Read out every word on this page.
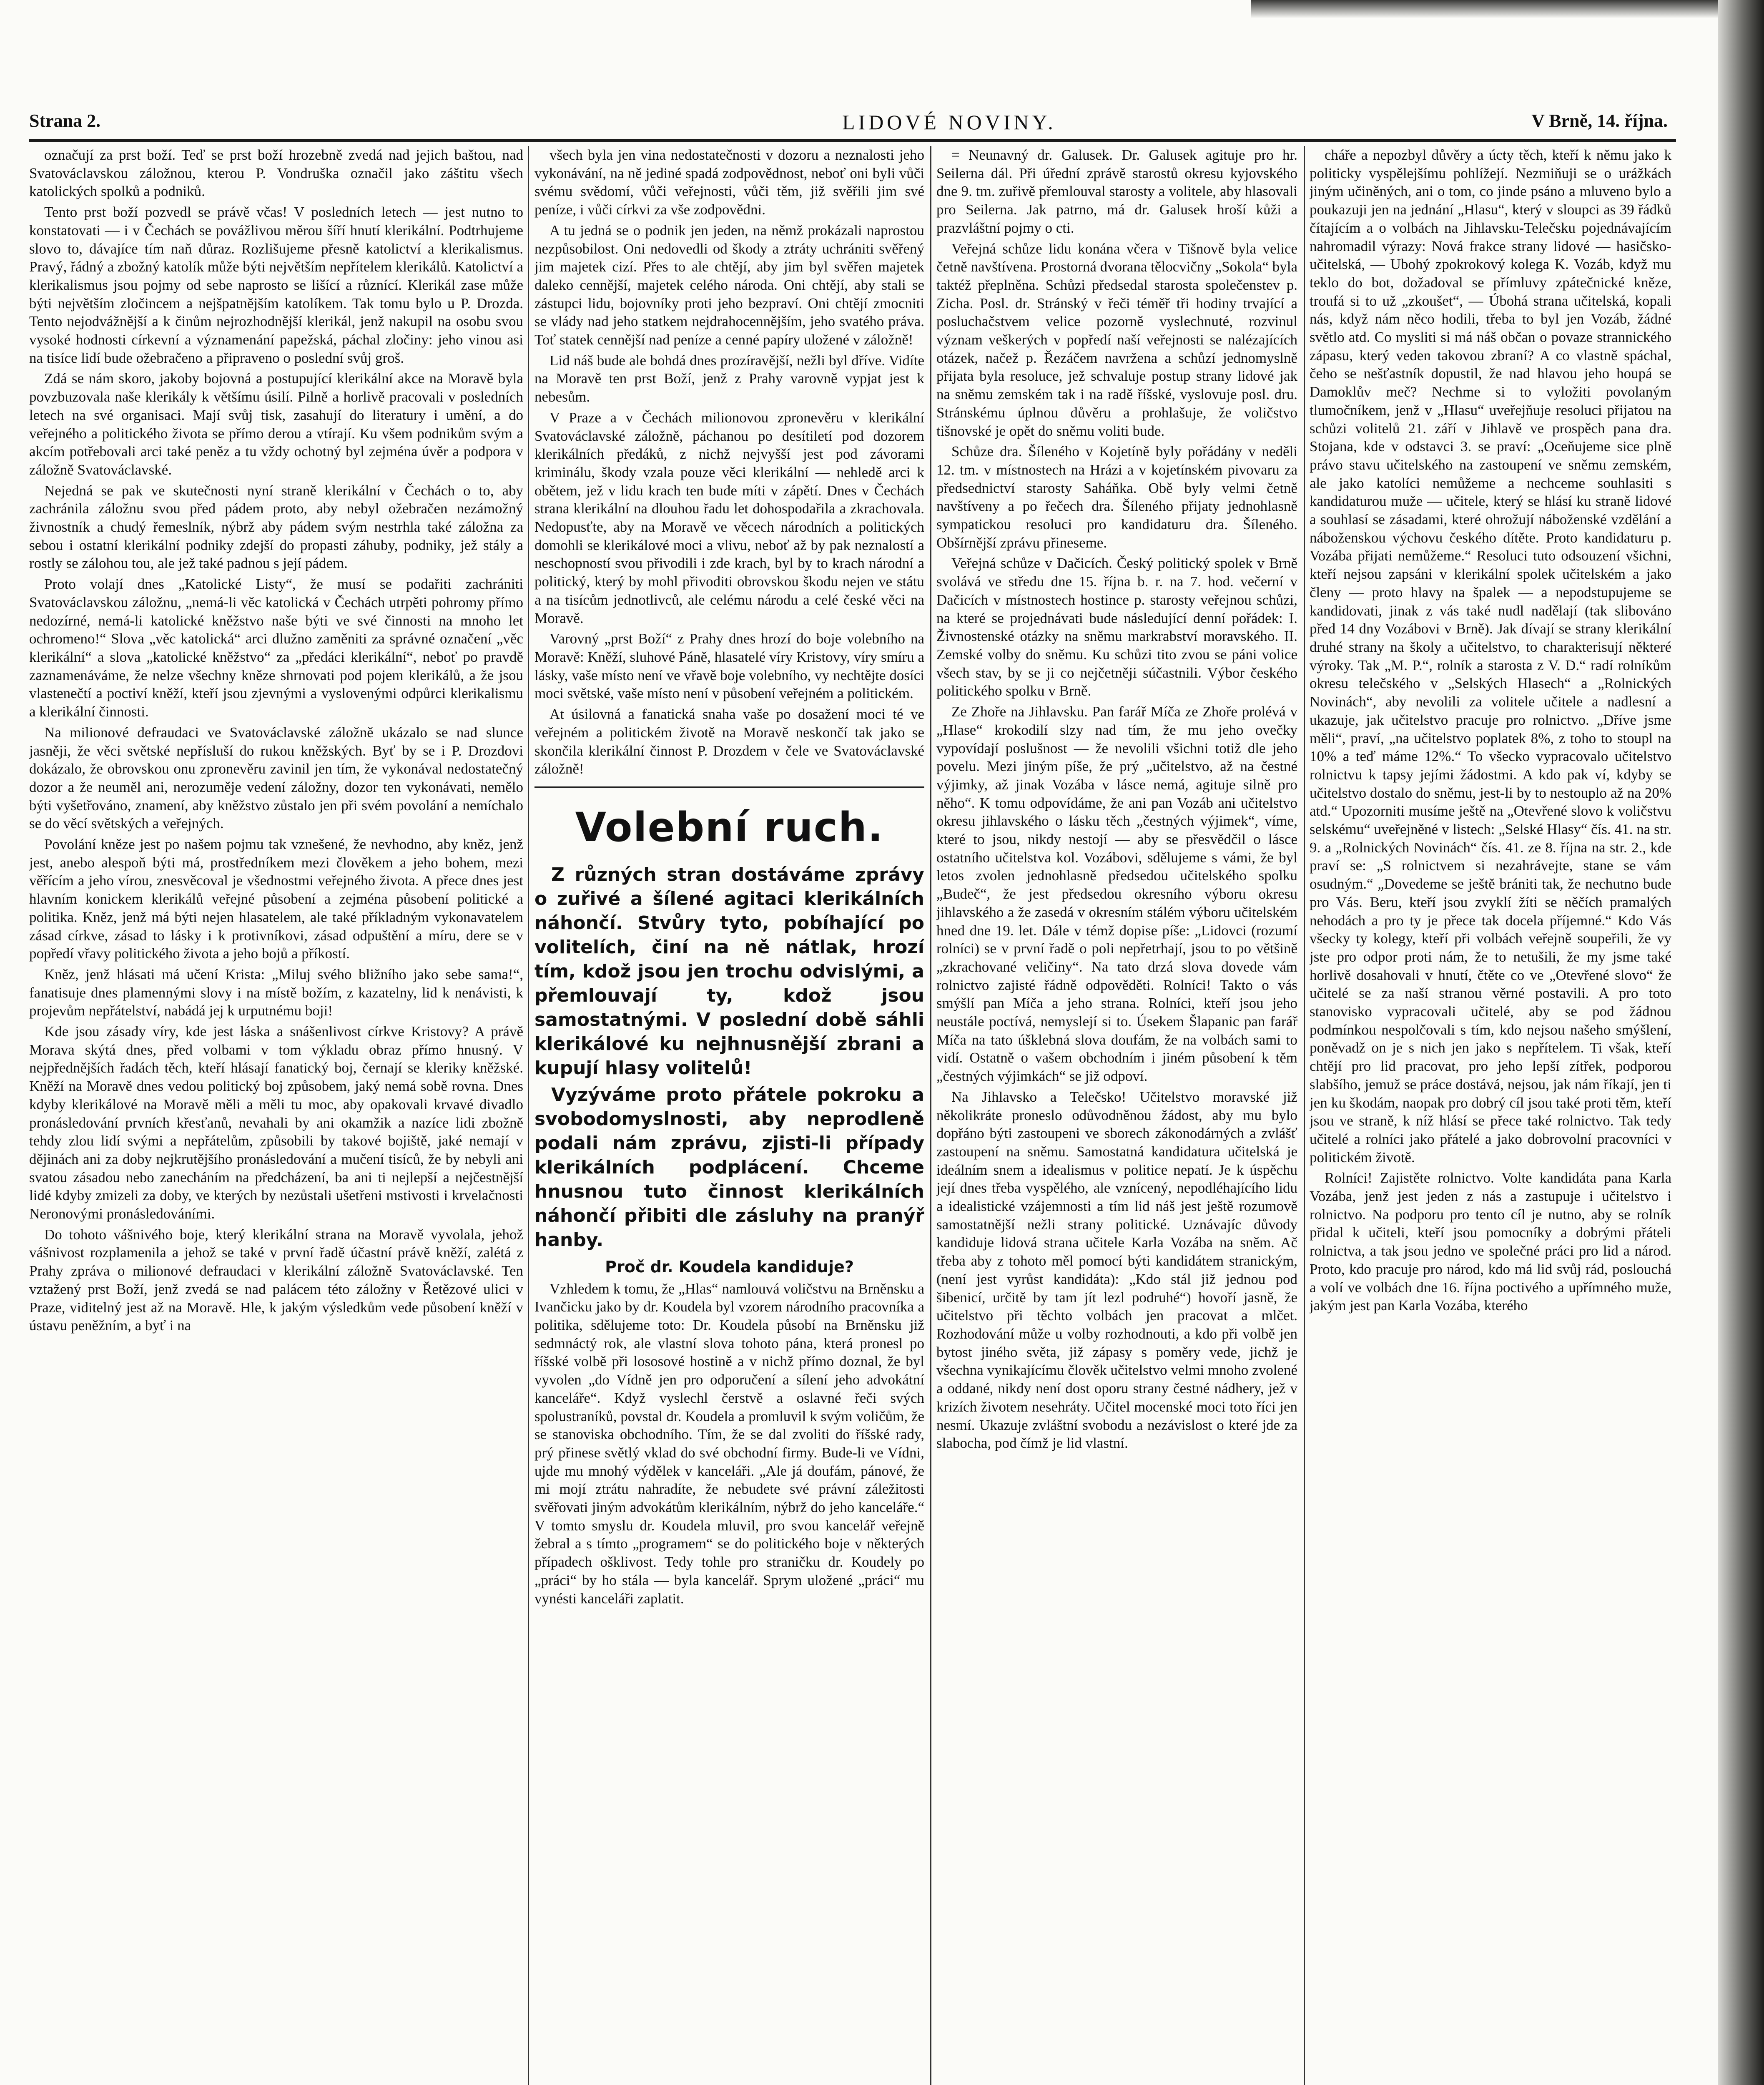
Strana 2.	LIDOVÉ NOVINY.	V Brně, 14. října.

označují za prst boží. Teď se prst boží hrozebně zvedá nad jejich baštou, nad Svatováclavskou záložnou, kterou P. Vondruška označil jako záštitu všech katolických spolků a podniků.

Tento prst boží pozvedl se právě včas! V posledních letech — jest nutno to konstatovati — i v Čechách se povážlivou měrou šíří hnutí klerikální. Podtrhujeme slovo to, dávajíce tím naň důraz. Rozlišujeme přesně katolictví a klerikalismus. Pravý, řádný a zbožný katolík může býti největším nepřítelem klerikálů. Katolictví a klerikalismus jsou pojmy od sebe naprosto se lišící a různící. Klerikál zase může býti největším zločincem a nejšpatnějším katolíkem. Tak tomu bylo u P. Drozda. Tento nejodvážnější a k činům nejrozhodnější klerikál, jenž nakupil na osobu svou vysoké hodnosti církevní a významenání papežská, páchal zločiny: jeho vinou asi na tisíce lidí bude ožebračeno a připraveno o poslední svůj groš.

Zdá se nám skoro, jakoby bojovná a postupující klerikální akce na Moravě byla povzbuzovala naše klerikály k většímu úsilí. Pilně a horlivě pracovali v posledních letech na své organisaci. Mají svůj tisk, zasahují do literatury i umění, a do veřejného a politického života se přímo derou a vtírají. Ku všem podnikům svým a akcím potřebovali arci také peněz a tu vždy ochotný byl zejména úvěr a podpora v záložně Svatováclavské.

Nejedná se pak ve skutečnosti nyní straně klerikální v Čechách o to, aby zachránila záložnu svou před pádem proto, aby nebyl ožebračen nezámožný živnostník a chudý řemeslník, nýbrž aby pádem svým nestrhla také záložna za sebou i ostatní klerikální podniky zdejší do propasti záhuby, podniky, jež stály a rostly se zálohou tou, ale jež také padnou s její pádem.

Proto volají dnes „Katolické Listy“, že musí se podařiti zachrániti Svatováclavskou záložnu, „nemá-li věc katolická v Čechách utrpěti pohromy přímo nedozírné, nemá-li katolické kněžstvo naše býti ve své činnosti na mnoho let ochromeno!“ Slova „věc katolická“ arci dlužno zaměniti za správné označení „věc klerikální“ a slova „katolické kněžstvo“ za „předáci klerikální“, neboť po pravdě zaznamenáváme, že nelze všechny kněze shrnovati pod pojem klerikálů, a že jsou vlastenečtí a poctiví kněží, kteří jsou zjevnými a vyslovenými odpůrci klerikalismu a klerikální činnosti.

Na milionové defraudaci ve Svatováclavské záložně ukázalo se nad slunce jasněji, že věci světské nepřísluší do rukou kněžských. Byť by se i P. Drozdovi dokázalo, že obrovskou onu zpronevěru zavinil jen tím, že vykonával nedostatečný dozor a že neuměl ani, nerozuměje vedení záložny, dozor ten vykonávati, nemělo býti vyšetřováno, znamení, aby kněžstvo zůstalo jen při svém povolání a nemíchalo se do věcí světských a veřejných.

Povolání kněze jest po našem pojmu tak vznešené, že nevhodno, aby kněz, jenž jest, anebo alespoň býti má, prostředníkem mezi člověkem a jeho bohem, mezi věřícím a jeho vírou, znesvěcoval je všednostmi veřejného života. A přece dnes jest hlavním konickem klerikálů veřejné působení a zejména působení politické a politika. Kněz, jenž má býti nejen hlasatelem, ale také příkladným vykonavatelem zásad církve, zásad to lásky i k protivníkovi, zásad odpuštění a míru, dere se v popředí vřavy politického života a jeho bojů a příkostí.

Kněz, jenž hlásati má učení Krista: „Miluj svého bližního jako sebe sama!“, fanatisuje dnes plamennými slovy i na místě božím, z kazatelny, lid k nenávisti, k projevům nepřátelství, nabádá jej k urputnému boji!

Kde jsou zásady víry, kde jest láska a snášenlivost církve Kristovy? A právě Morava skýtá dnes, před volbami v tom výkladu obraz přímo hnusný. V nejpřednějších řadách těch, kteří hlásají fanatický boj, černají se kleriky kněžské. Kněží na Moravě dnes vedou politický boj způsobem, jaký nemá sobě rovna. Dnes kdyby klerikálové na Moravě měli a měli tu moc, aby opakovali krvavé divadlo pronásledování prvních křesťanů, nevahali by ani okamžik a nazíce lidi zbožně tehdy zlou lidí svými a nepřátelům, způsobili by takové bojiště, jaké nemají v dějinách ani za doby nejkrutějšího pronásledování a mučení tisíců, že by nebyli ani svatou zásadou nebo zanecháním na předcházení, ba ani ti nejlepší a nejčestnější lidé kdyby zmizeli za doby, ve kterých by nezůstali ušetřeni mstivosti i krvelačnosti Neronovými pronásledováními.

Do tohoto vášnivého boje, který klerikální strana na Moravě vyvolala, jehož vášnivost rozplamenila a jehož se také v první řadě účastní právě kněží, zalétá z Prahy zpráva o milionové defraudaci v klerikální záložně Svatováclavské. Ten vztažený prst Boží, jenž zvedá se nad palácem této záložny v Řetězové ulici v Praze, viditelný jest až na Moravě. Hle, k jakým výsledkům vede působení kněží v ústavu peněžním, a byť i na

všech byla jen vina nedostatečnosti v dozoru a neznalosti jeho vykonávání, na ně jediné spadá zodpovědnost, neboť oni byli vůči svému svědomí, vůči veřejnosti, vůči těm, již svěřili jim své peníze, i vůči církvi za vše zodpovědni.

A tu jedná se o podnik jen jeden, na němž prokázali naprostou nezpůsobilost. Oni nedovedli od škody a ztráty uchrániti svěřený jim majetek cizí. Přes to ale chtějí, aby jim byl svěřen majetek daleko cennější, majetek celého národa. Oni chtějí, aby stali se zástupci lidu, bojovníky proti jeho bezpraví. Oni chtějí zmocniti se vlády nad jeho statkem nejdrahocennějším, jeho svatého práva. Toť statek cennější nad peníze a cenné papíry uložené v záložně!

Lid náš bude ale bohdá dnes prozíravější, nežli byl dříve. Vidíte na Moravě ten prst Boží, jenž z Prahy varovně vypjat jest k nebesům.

V Praze a v Čechách milionovou zpronevěru v klerikální Svatováclavské záložně, páchanou po desítiletí pod dozorem klerikálních předáků, z nichž nejvyšší jest pod závorami kriminálu, škody vzala pouze věci klerikální — nehledě arci k obětem, jež v lidu krach ten bude míti v zápětí. Dnes v Čechách strana klerikální na dlouhou řadu let dohospodařila a zkrachovala. Nedopusťte, aby na Moravě ve věcech národních a politických domohli se klerikálové moci a vlivu, neboť až by pak neznalostí a neschopností svou přivodili i zde krach, byl by to krach národní a politický, který by mohl přivoditi obrovskou škodu nejen ve státu a na tisícům jednotlivců, ale celému národu a celé české věci na Moravě.

Varovný „prst Boží“ z Prahy dnes hrozí do boje volebního na Moravě: Kněží, sluhové Páně, hlasatelé víry Kristovy, víry smíru a lásky, vaše místo není ve vřavě boje volebního, vy nechtějte dosíci moci světské, vaše místo není v působení veřejném a politickém.

At úsilovná a fanatická snaha vaše po dosažení moci té ve veřejném a politickém životě na Moravě neskončí tak jako se skončila klerikální činnost P. Drozdem v čele ve Svatováclavské záložně!

Volební ruch.

Z různých stran dostáváme zprávy o zuřivé a šílené agitaci klerikálních náhončí. Stvůry tyto, pobíhající po volitelích, činí na ně nátlak, hrozí tím, kdož jsou jen trochu odvislými, a přemlouvají ty, kdož jsou samostatnými. V poslední době sáhli klerikálové ku nejhnusnější zbrani a kupují hlasy volitelů!

Vyzýváme proto přátele pokroku a svobodomyslnosti, aby neprodleně podali nám zprávu, zjisti-li případy klerikálních podplácení. Chceme hnusnou tuto činnost klerikálních náhončí přibiti dle zásluhy na pranýř hanby.

Proč dr. Koudela kandiduje?

Vzhledem k tomu, že „Hlas“ namlouvá voličstvu na Brněnsku a Ivančicku jako by dr. Koudela byl vzorem národního pracovníka a politika, sdělujeme toto: Dr. Koudela působí na Brněnsku již sedmnáctý rok, ale vlastní slova tohoto pána, která pronesl po říšské volbě při lososové hostině a v nichž přímo doznal, že byl vyvolen „do Vídně jen pro odporučení a sílení jeho advokátní kanceláře“. Když vyslechl čerstvě a oslavné řeči svých spolustraníků, povstal dr. Koudela a promluvil k svým voličům, že se stanoviska obchodního. Tím, že se dal zvoliti do říšské rady, prý přinese světlý vklad do své obchodní firmy. Bude-li ve Vídni, ujde mu mnohý výdělek v kanceláři. „Ale já doufám, pánové, že mi mojí ztrátu nahradíte, že nebudete své právní záležitosti svěřovati jiným advokátům klerikálním, nýbrž do jeho kanceláře.“ V tomto smyslu dr. Koudela mluvil, pro svou kancelář veřejně žebral a s tímto „programem“ se do politického boje v některých případech ošklivost. Tedy tohle pro straničku dr. Koudely po „práci“ by ho stála — byla kancelář. Sprym uložené „práci“ mu vynésti kanceláři zaplatit.

= Neunavný dr. Galusek. Dr. Galusek agituje pro hr. Seilerna dál. Při úřední zprávě starostů okresu kyjovského dne 9. tm. zuřivě přemlouval starosty a volitele, aby hlasovali pro Seilerna. Jak patrno, má dr. Galusek hroší kůži a prazvláštní pojmy o cti.

Veřejná schůze lidu konána včera v Tišnově byla velice četně navštívena. Prostorná dvorana tělocvičny „Sokola“ byla taktéž přeplněna. Schůzi předsedal starosta společenstev p. Zicha. Posl. dr. Stránský v řeči téměř tři hodiny trvající a posluchačstvem velice pozorně vyslechnuté, rozvinul význam veškerých v popředí naší veřejnosti se nalézajících otázek, načež p. Řezáčem navržena a schůzí jednomyslně přijata byla resoluce, jež schvaluje postup strany lidové jak na sněmu zemském tak i na radě říšské, vyslovuje posl. dru. Stránskému úplnou důvěru a prohlašuje, že voličstvo tišnovské je opět do sněmu voliti bude.

Schůze dra. Šíleného v Kojetíně byly pořádány v neděli 12. tm. v místnostech na Hrázi a v kojetínském pivovaru za předsednictví starosty Saháňka. Obě byly velmi četně navštíveny a po řečech dra. Šíleného přijaty jednohlasně sympatickou resoluci pro kandidaturu dra. Šíleného. Obšírnější zprávu přineseme.

Veřejná schůze v Dačicích. Český politický spolek v Brně svolává ve středu dne 15. října b. r. na 7. hod. večerní v Dačicích v místnostech hostince p. starosty veřejnou schůzi, na které se projednávati bude následující denní pořádek: I. Živnostenské otázky na sněmu markrabství moravského. II. Zemské volby do sněmu. Ku schůzi tito zvou se páni volice všech stav, by se ji co nejčetněji súčastnili. Výbor českého politického spolku v Brně.

Ze Zhoře na Jihlavsku. Pan farář Míča ze Zhoře prolévá v „Hlase“ krokodilí slzy nad tím, že mu jeho ovečky vypovídají poslušnost — že nevolili všichni totiž dle jeho povelu. Mezi jiným píše, že prý „učitelstvo, až na čestné výjimky, až jinak Vozába v lásce nemá, agituje silně pro něho“. K tomu odpovídáme, že ani pan Vozáb ani učitelstvo okresu jihlavského o lásku těch „čestných výjimek“, víme, které to jsou, nikdy nestojí — aby se přesvědčil o lásce ostatního učitelstva kol. Vozábovi, sdělujeme s vámi, že byl letos zvolen jednohlasně předsedou učitelského spolku „Budeč“, že jest předsedou okresního výboru okresu jihlavského a že zasedá v okresním stálém výboru učitelském hned dne 19. let. Dále v témž dopise píše: „Lidovci (rozumí rolníci) se v první řadě o poli nepřetrhají, jsou to po většině „zkrachované veličiny“. Na tato drzá slova dovede vám rolnictvo zajisté řádně odpověděti. Rolníci! Takto o vás smýšlí pan Míča a jeho strana. Rolníci, kteří jsou jeho neustále poctívá, nemyslejí si to. Úsekem Šlapanic pan farář Míča na tato úšklebná slova doufám, že na volbách sami to vidí. Ostatně o vašem obchodním i jiném působení k těm „čestných výjimkách“ se již odpoví.

Na Jihlavsko a Telečsko! Učitelstvo moravské již několikráte proneslo odůvodněnou žádost, aby mu bylo dopřáno býti zastoupeni ve sborech zákonodárných a zvlášť zastoupení na sněmu. Samostatná kandidatura učitelská je ideálním snem a idealismus v politice nepatí. Je k úspěchu její dnes třeba vyspělého, ale vznícený, nepodléhajícího lidu a idealistické vzájemnosti a tím lid náš jest ještě rozumově samostatnější nežli strany politické. Uznávajíc důvody kandiduje lidová strana učitele Karla Vozába na sněm. Ač třeba aby z tohoto měl pomocí býti kandidátem stranickým, (není jest vyrůst kandidáta): „Kdo stál již jednou pod šibenicí, určitě by tam jít lezl podruhé“) hovoří jasně, že učitelstvo při těchto volbách jen pracovat a mlčet. Rozhodování může u volby rozhodnouti, a kdo při volbě jen bytost jiného světa, již zápasy s poměry vede, jichž je všechna vynikajícímu člověk učitelstvo velmi mnoho zvolené a oddané, nikdy není dost oporu strany čestné nádhery, jež v krizích životem nesehráty. Učitel mocenské moci toto říci jen nesmí. Ukazuje zvláštní svobodu a nezávislost o které jde za slabocha, pod čímž je lid vlastní.

cháře a nepozbyl důvěry a úcty těch, kteří k němu jako k politicky vyspělejšímu pohlížejí. Nezmiňuji se o urážkách jiným učiněných, ani o tom, co jinde psáno a mluveno bylo a poukazuji jen na jednání „Hlasu“, který v sloupci as 39 řádků čítajícím a o volbách na Jihlavsku-Telečsku pojednávajícím nahromadil výrazy: Nová frakce strany lidové — hasičsko-učitelská, — Ubohý zpokrokový kolega K. Vozáb, když mu teklo do bot, dožadoval se přímluvy zpátečnické kněze, troufá si to už „zkoušet“, — Úbohá strana učitelská, kopali nás, když nám něco hodili, třeba to byl jen Vozáb, žádné světlo atd. Co mysliti si má náš občan o povaze strannického zápasu, který veden takovou zbraní? A co vlastně spáchal, čeho se nešťastník dopustil, že nad hlavou jeho houpá se Damoklův meč? Nechme si to vyložiti povolaným tlumočníkem, jenž v „Hlasu“ uveřejňuje resoluci přijatou na schůzi volitelů 21. září v Jihlavě ve prospěch pana dra. Stojana, kde v odstavci 3. se praví: „Oceňujeme sice plně právo stavu učitelského na zastoupení ve sněmu zemském, ale jako katolíci nemůžeme a nechceme souhlasiti s kandidaturou muže — učitele, který se hlásí ku straně lidové a souhlasí se zásadami, které ohrožují náboženské vzdělání a náboženskou výchovu českého dítěte. Proto kandidaturu p. Vozába přijati nemůžeme.“ Resoluci tuto odsouzení všichni, kteří nejsou zapsáni v klerikální spolek učitelském a jako členy — proto hlavy na špalek — a nepodstupujeme se kandidovati, jinak z vás také nudl nadělají (tak slibováno před 14 dny Vozábovi v Brně). Jak dívají se strany klerikální druhé strany na školy a učitelstvo, to charakterisují některé výroky. Tak „M. P.“, rolník a starosta z V. D.“ radí rolníkům okresu telečského v „Selských Hlasech“ a „Rolnických Novinách“, aby nevolili za volitele učitele a nadlesní a ukazuje, jak učitelstvo pracuje pro rolnictvo. „Dříve jsme měli“, praví, „na učitelstvo poplatek 8%, z toho to stoupl na 10% a teď máme 12%.“ To všecko vypracovalo učitelstvo rolnictvu k tapsy jejími žádostmi. A kdo pak ví, kdyby se učitelstvo dostalo do sněmu, jest-li by to nestouplo až na 20% atd.“ Upozorniti musíme ještě na „Otevřené slovo k voličstvu selskému“ uveřejněné v listech: „Selské Hlasy“ čís. 41. na str. 9. a „Rolnických Novinách“ čís. 41. ze 8. října na str. 2., kde praví se: „S rolnictvem si nezahrávejte, stane se vám osudným.“ „Dovedeme se ještě brániti tak, že nechutno bude pro Vás. Beru, kteří jsou zvyklí žíti se něčích pramalých nehodách a pro ty je přece tak docela příjemné.“ Kdo Vás všecky ty kolegy, kteří při volbách veřejně soupeřili, že vy jste pro odpor proti nám, že to netušili, že my jsme také horlivě dosahovali v hnutí, čtěte co ve „Otevřené slovo“ že učitelé se za naší stranou věrné postavili. A pro toto stanovisko vypracovali učitelé, aby se pod žádnou podmínkou nespolčovali s tím, kdo nejsou našeho smýšlení, poněvadž on je s nich jen jako s nepřítelem. Ti však, kteří chtějí pro lid pracovat, pro jeho lepší zítřek, podporou slabšího, jemuž se práce dostává, nejsou, jak nám říkají, jen ti jen ku škodám, naopak pro dobrý cíl jsou také proti těm, kteří jsou ve straně, k níž hlásí se přece také rolnictvo. Tak tedy učitelé a rolníci jako přátelé a jako dobrovolní pracovníci v politickém životě.

Rolníci! Zajistěte rolnictvo. Volte kandidáta pana Karla Vozába, jenž jest jeden z nás a zastupuje i učitelstvo i rolnictvo. Na podporu pro tento cíl je nutno, aby se rolník přidal k učiteli, kteří jsou pomocníky a dobrými přáteli rolnictva, a tak jsou jedno ve společné práci pro lid a národ. Proto, kdo pracuje pro národ, kdo má lid svůj rád, poslouchá a volí ve volbách dne 16. října poctivého a upřímného muže, jakým jest pan Karla Vozába, kterého
